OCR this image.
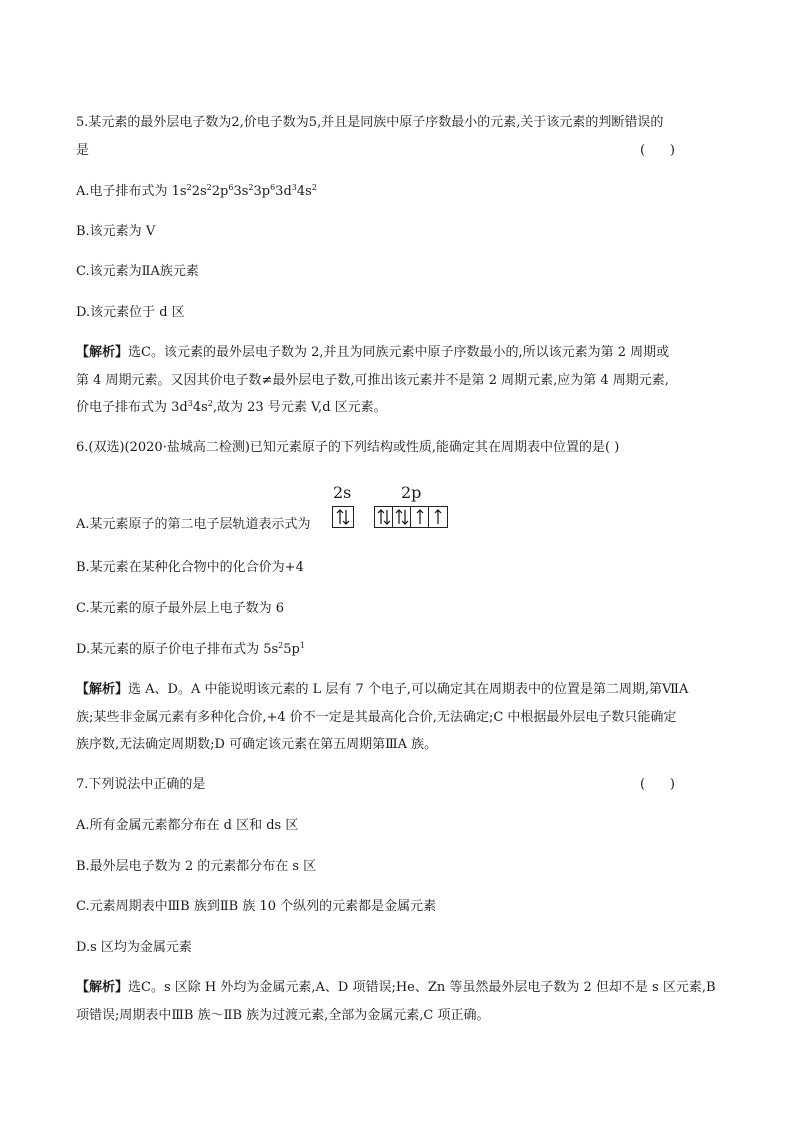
5.某元素的最外层电子数为2,价电子数为5,并且是同族中原子序数最小的元素,关于该元素的判断错误的
是	(      )
A.电子排布式为 $1s^22s^22p^63s^23p^63d^34s^2$
B.该元素为 V
C.该元素为ⅡA族元素
D.该元素位于 d 区
【解析】选C。该元素的最外层电子数为 2,并且为同族元素中原子序数最小的,所以该元素为第 2 周期或
第 4 周期元素。又因其价电子数≠最外层电子数,可推出该元素并不是第 2 周期元素,应为第 4 周期元素,
价电子排布式为 $3d^34s^2$,故为 23 号元素 V,d 区元素。
6.(双选)(2020·盐城高二检测)已知元素原子的下列结构或性质,能确定其在周期表中位置的是( )
2s	2p
A.某元素原子的第二电子层轨道表示式为
B.某元素在某种化合物中的化合价为+4
C.某元素的原子最外层上电子数为 6
D.某元素的原子价电子排布式为 $5s^25p^1$
【解析】选 A、D。A 中能说明该元素的 L 层有 7 个电子,可以确定其在周期表中的位置是第二周期,第ⅦA
族;某些非金属元素有多种化合价,+4 价不一定是其最高化合价,无法确定;C 中根据最外层电子数只能确定
族序数,无法确定周期数;D 可确定该元素在第五周期第ⅢA 族。
7.下列说法中正确的是	(      )
A.所有金属元素都分布在 d 区和 ds 区
B.最外层电子数为 2 的元素都分布在 s 区
C.元素周期表中ⅢB 族到ⅡB 族 10 个纵列的元素都是金属元素
D.s 区均为金属元素
【解析】选C。s 区除 H 外均为金属元素,A、D 项错误;He、Zn 等虽然最外层电子数为 2 但却不是 s 区元素,B
项错误;周期表中ⅢB 族～ⅡB 族为过渡元素,全部为金属元素,C 项正确。
